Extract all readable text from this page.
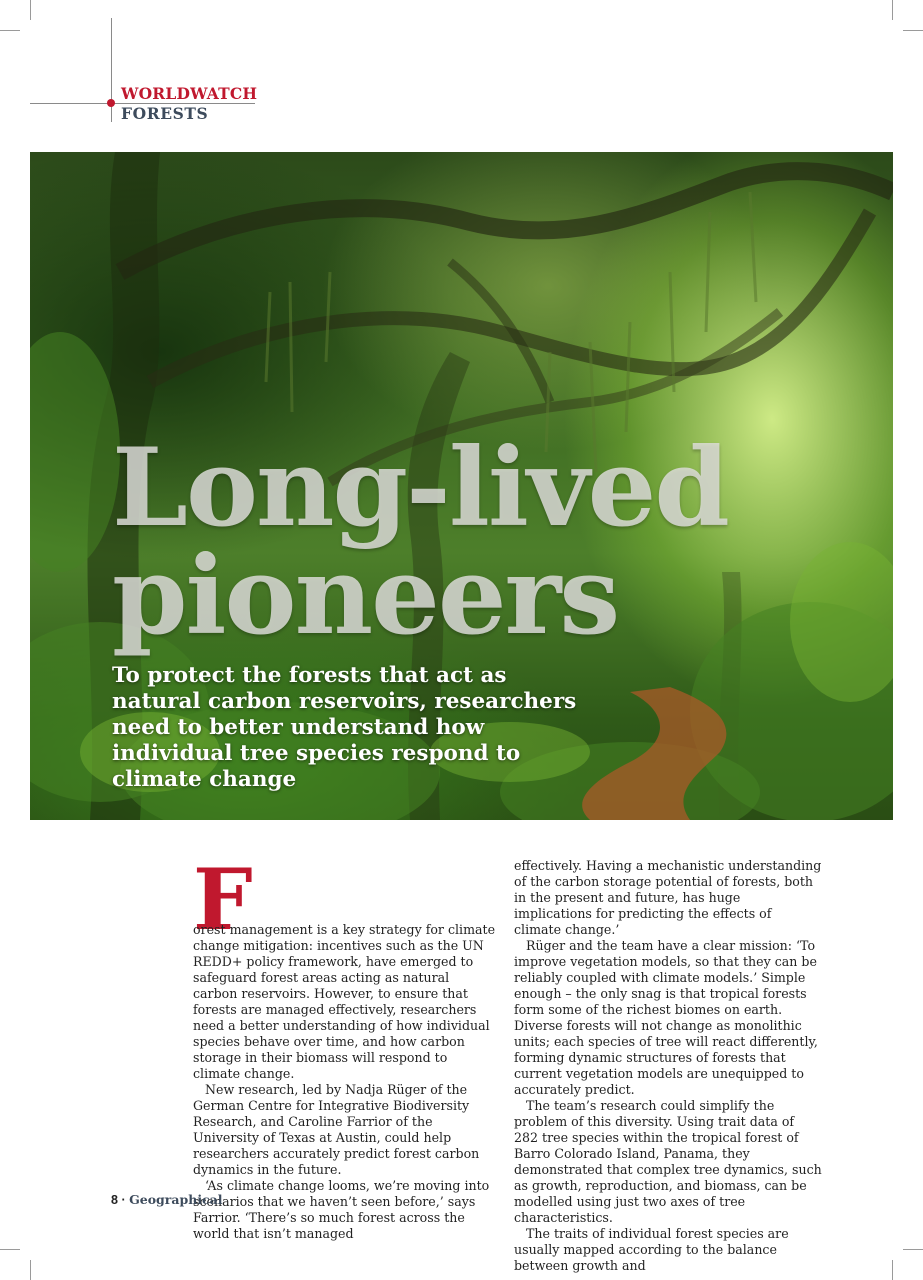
WORLDWATCH
FORESTS
Long-lived
pioneers

To protect the forests that act as natural carbon reservoirs, researchers need to better understand how individual tree species respond to climate change

F

orest management is a key strategy for climate change mitigation: incentives such as the UN REDD+ policy framework, have emerged to safeguard forest areas acting as natural carbon reservoirs. However, to ensure that forests are managed effectively, researchers need a better understanding of how individual species behave over time, and how carbon storage in their biomass will respond to climate change.

New research, led by Nadja Rüger of the German Centre for Integrative Biodiversity Research, and Caroline Farrior of the University of Texas at Austin, could help researchers accurately predict forest carbon dynamics in the future.

‘As climate change looms, we’re moving into scenarios that we haven’t seen before,’ says Farrior. ‘There’s so much forest across the world that isn’t managed

effectively. Having a mechanistic understanding of the carbon storage potential of forests, both in the present and future, has huge implications for predicting the effects of climate change.’

Rüger and the team have a clear mission: ‘To improve vegetation models, so that they can be reliably coupled with climate models.’ Simple enough – the only snag is that tropical forests form some of the richest biomes on earth. Diverse forests will not change as monolithic units; each species of tree will react differently, forming dynamic structures of forests that current vegetation models are unequipped to accurately predict.

The team’s research could simplify the problem of this diversity. Using trait data of 282 tree species within the tropical forest of Barro Colorado Island, Panama, they demonstrated that complex tree dynamics, such as growth, reproduction, and biomass, can be modelled using just two axes of tree characteristics.

The traits of individual forest species are usually mapped according to the balance between growth and

8 · Geographical
